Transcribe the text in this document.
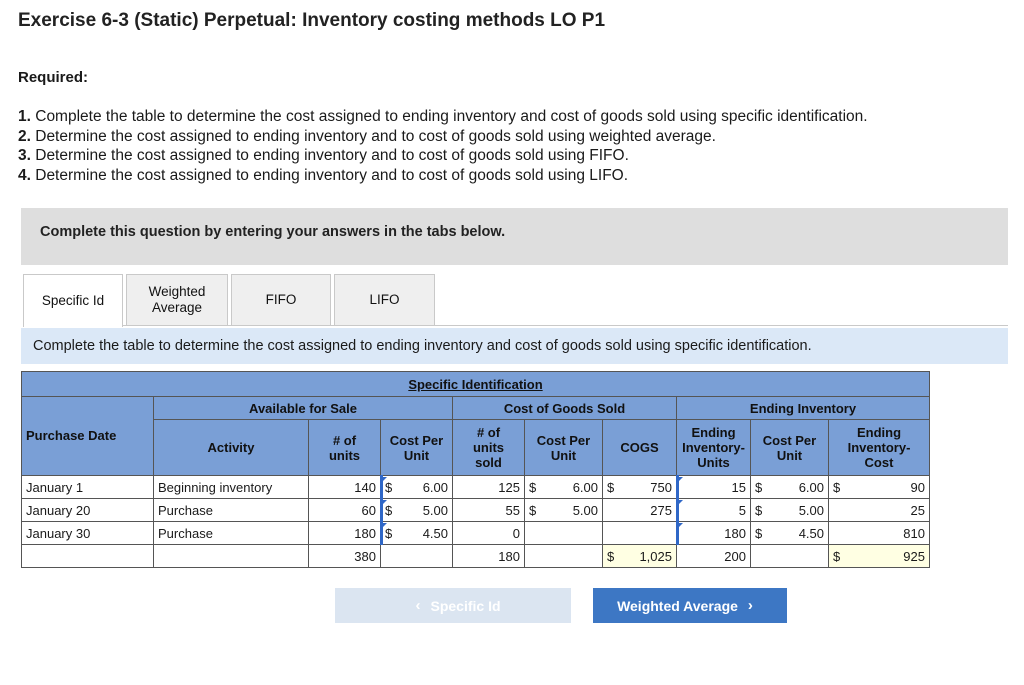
Exercise 6-3 (Static) Perpetual: Inventory costing methods LO P1
Required:
1. Complete the table to determine the cost assigned to ending inventory and cost of goods sold using specific identification.
2. Determine the cost assigned to ending inventory and to cost of goods sold using weighted average.
3. Determine the cost assigned to ending inventory and to cost of goods sold using FIFO.
4. Determine the cost assigned to ending inventory and to cost of goods sold using LIFO.
Complete this question by entering your answers in the tabs below.
Specific Id
Weighted
Average
FIFO	LIFO
Complete the table to determine the cost assigned to ending inventory and cost of goods sold using specific identification.
Specific Identification									
	Available for Sale			Cost of Goods Sold			Ending Inventory		
Purchase Date	Activity	# of
units	Cost Per
Unit	# of
units
sold	Cost Per
Unit	COGS	Ending
Inventory-
Units	Cost Per
Unit	Ending
Inventory-
Cost
January 1	Beginning inventory	140	$ 6.00	125	$ 6.00	$ 750	15	$ 6.00	$ 90

January 20	Purchase	60	$ 5.00	55	$ 5.00	275	5	$ 5.00	25
January 30	Purchase	180	$ 4.50	0			180	$ 4.50	810
		380		180		$ 1,025	200		$ 925
‹ Specific Id	Weighted Average ›
